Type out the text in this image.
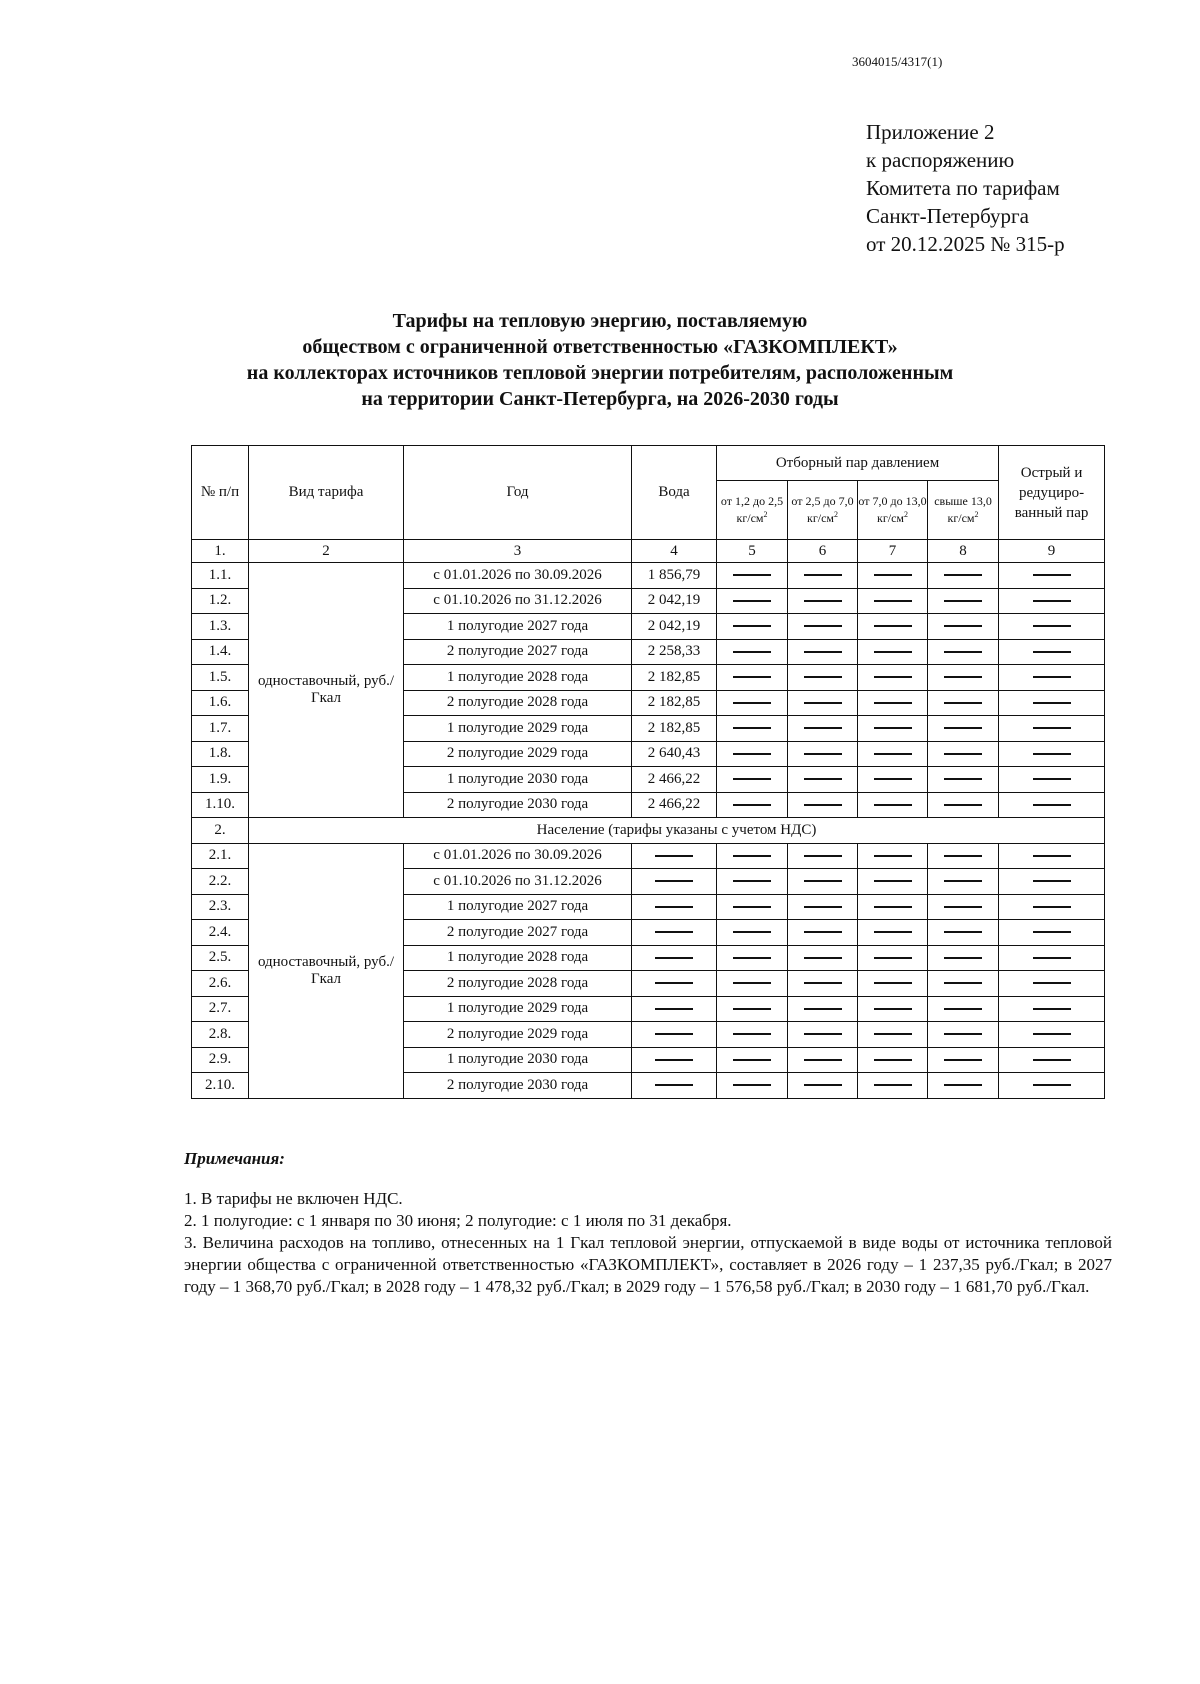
3604015/4317(1)
Приложение 2
к распоряжению
Комитета по тарифам
Санкт-Петербурга
от 20.12.2025 № 315-р
Тарифы на тепловую энергию, поставляемую
обществом с ограниченной ответственностью «ГАЗКОМПЛЕКТ»
на коллекторах источников тепловой энергии потребителям, расположенным
на территории Санкт-Петербурга, на 2026-2030 годы
№ п/п	Вид тарифа	Год	Вода	Отборный пар давлением				Острый и редуциро-ванный пар
				от 1,2 до 2,5 $кг/см^2$	от 2,5 до 7,0 $кг/см^2$	от 7,0 до 13,0 $кг/см^2$	свыше 13,0 $кг/см^2$
1.	2	3	4	5	6	7	8	9
1.1.	одноставочный, руб./Гкал	с 01.01.2026 по 30.09.2026	1 856,79					
1.2.		с 01.10.2026 по 31.12.2026	2 042,19					
1.3.		1 полугодие 2027 года	2 042,19					
1.4.		2 полугодие 2027 года	2 258,33					
1.5.		1 полугодие 2028 года	2 182,85					
1.6.		2 полугодие 2028 года	2 182,85					
1.7.		1 полугодие 2029 года	2 182,85					
1.8.		2 полугодие 2029 года	2 640,43					
1.9.		1 полугодие 2030 года	2 466,22					
1.10.		2 полугодие 2030 года	2 466,22					
2.	Население (тарифы указаны с учетом НДС)							
2.1.	одноставочный, руб./Гкал	с 01.01.2026 по 30.09.2026						
2.2.		с 01.10.2026 по 31.12.2026						
2.3.		1 полугодие 2027 года						
2.4.		2 полугодие 2027 года						
2.5.		1 полугодие 2028 года						
2.6.		2 полугодие 2028 года						
2.7.		1 полугодие 2029 года						
2.8.		2 полугодие 2029 года						
2.9.		1 полугодие 2030 года						
2.10.		2 полугодие 2030 года						
Примечания:

1. В тарифы не включен НДС.

2. 1 полугодие: с 1 января по 30 июня; 2 полугодие: с 1 июля по 31 декабря.

3. Величина расходов на топливо, отнесенных на 1 Гкал тепловой энергии, отпускаемой в виде воды от источника тепловой энергии общества с ограниченной ответственностью «ГАЗКОМПЛЕКТ», составляет в 2026 году – 1 237,35 руб./Гкал; в 2027 году – 1 368,70 руб./Гкал; в 2028 году – 1 478,32 руб./Гкал; в 2029 году – 1 576,58 руб./Гкал; в 2030 году – 1 681,70 руб./Гкал.
